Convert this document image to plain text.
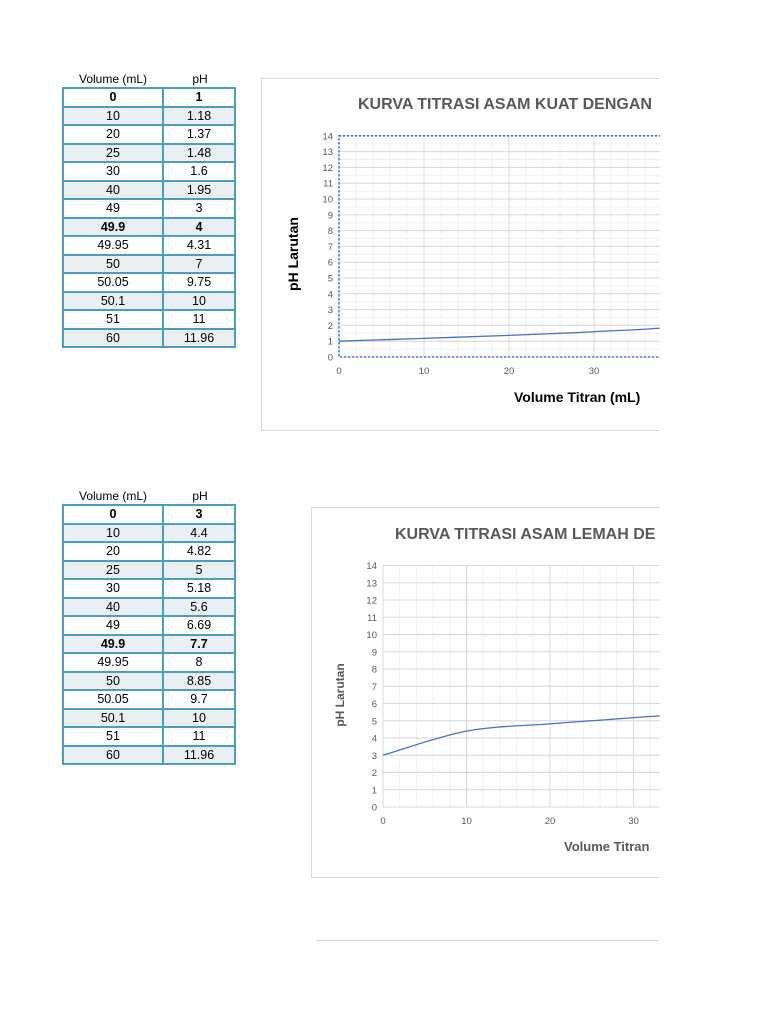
Volume (mL)	pH
0	1
10	1.18
20	1.37
25	1.48
30	1.6
40	1.95
49	3
49.9	4
49.95	4.31
50	7
50.05	9.75
50.1	10
51	11
60	11.96
KURVA TITRASI ASAM KUAT DENGAN
pH Larutan
Volume Titran (mL)
0
1
2
3
4
5
6
7
8
9
10
11
12
13
14
0	10	20	30
Volume (mL)	pH
0	3
10	4.4
20	4.82
25	5
30	5.18
40	5.6
49	6.69
49.9	7.7
49.95	8
50	8.85
50.05	9.7
50.1	10
51	11
60	11.96
KURVA TITRASI ASAM LEMAH DE
pH Larutan
Volume Titran
0
1
2
3
4
5
6
7
8
9
10
11
12
13
14
0	10	20	30
